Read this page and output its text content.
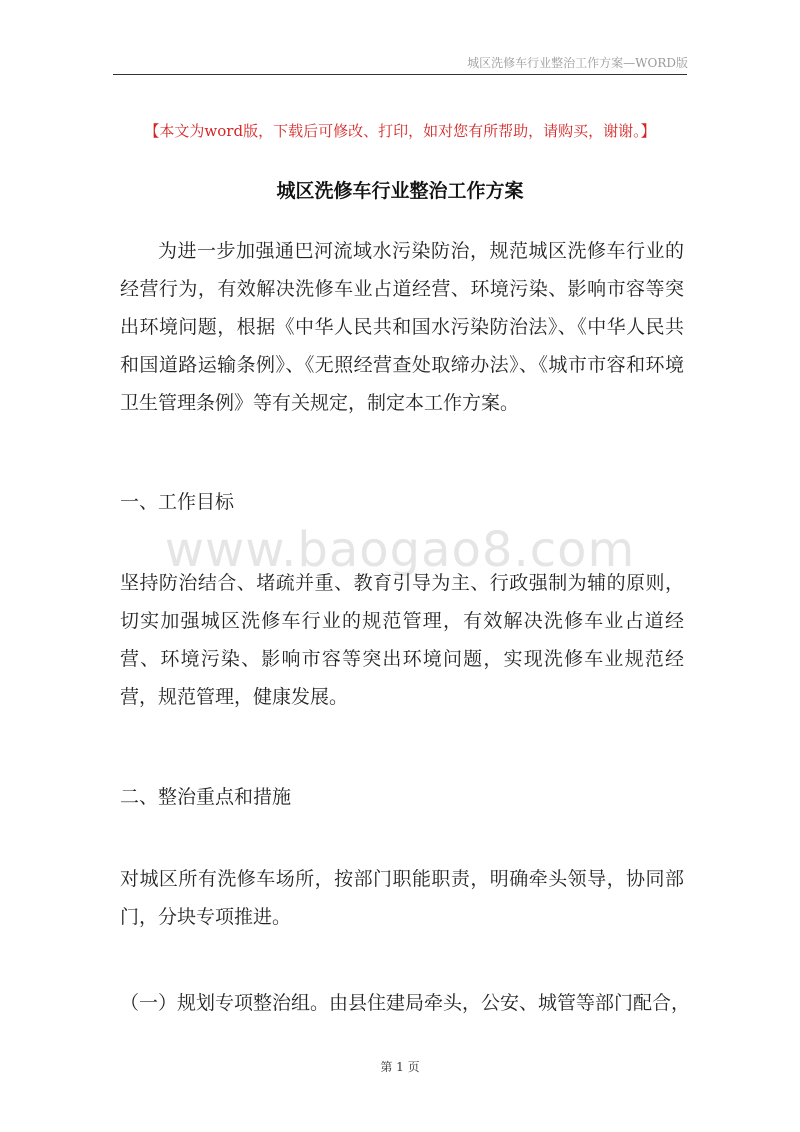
城区洗修车行业整治工作方案—WORD版
【本文为word版，下载后可修改、打印，如对您有所帮助，请购买，谢谢。】
城区洗修车行业整治工作方案

为进一步加强通巴河流域水污染防治，规范城区洗修车行业的经营行为，有效解决洗修车业占道经营、环境污染、影响市容等突出环境问题，根据《中华人民共和国水污染防治法》、《中华人民共和国道路运输条例》、《无照经营查处取缔办法》、《城市市容和环境卫生管理条例》等有关规定，制定本工作方案。

一、工作目标

www.baogao8.com

坚持防治结合、堵疏并重、教育引导为主、行政强制为辅的原则，切实加强城区洗修车行业的规范管理，有效解决洗修车业占道经营、环境污染、影响市容等突出环境问题，实现洗修车业规范经营，规范管理，健康发展。

二、整治重点和措施

对城区所有洗修车场所，按部门职能职责，明确牵头领导，协同部门，分块专项推进。

（一）规划专项整治组。由县住建局牵头，公安、城管等部门配合，

第 1 页
